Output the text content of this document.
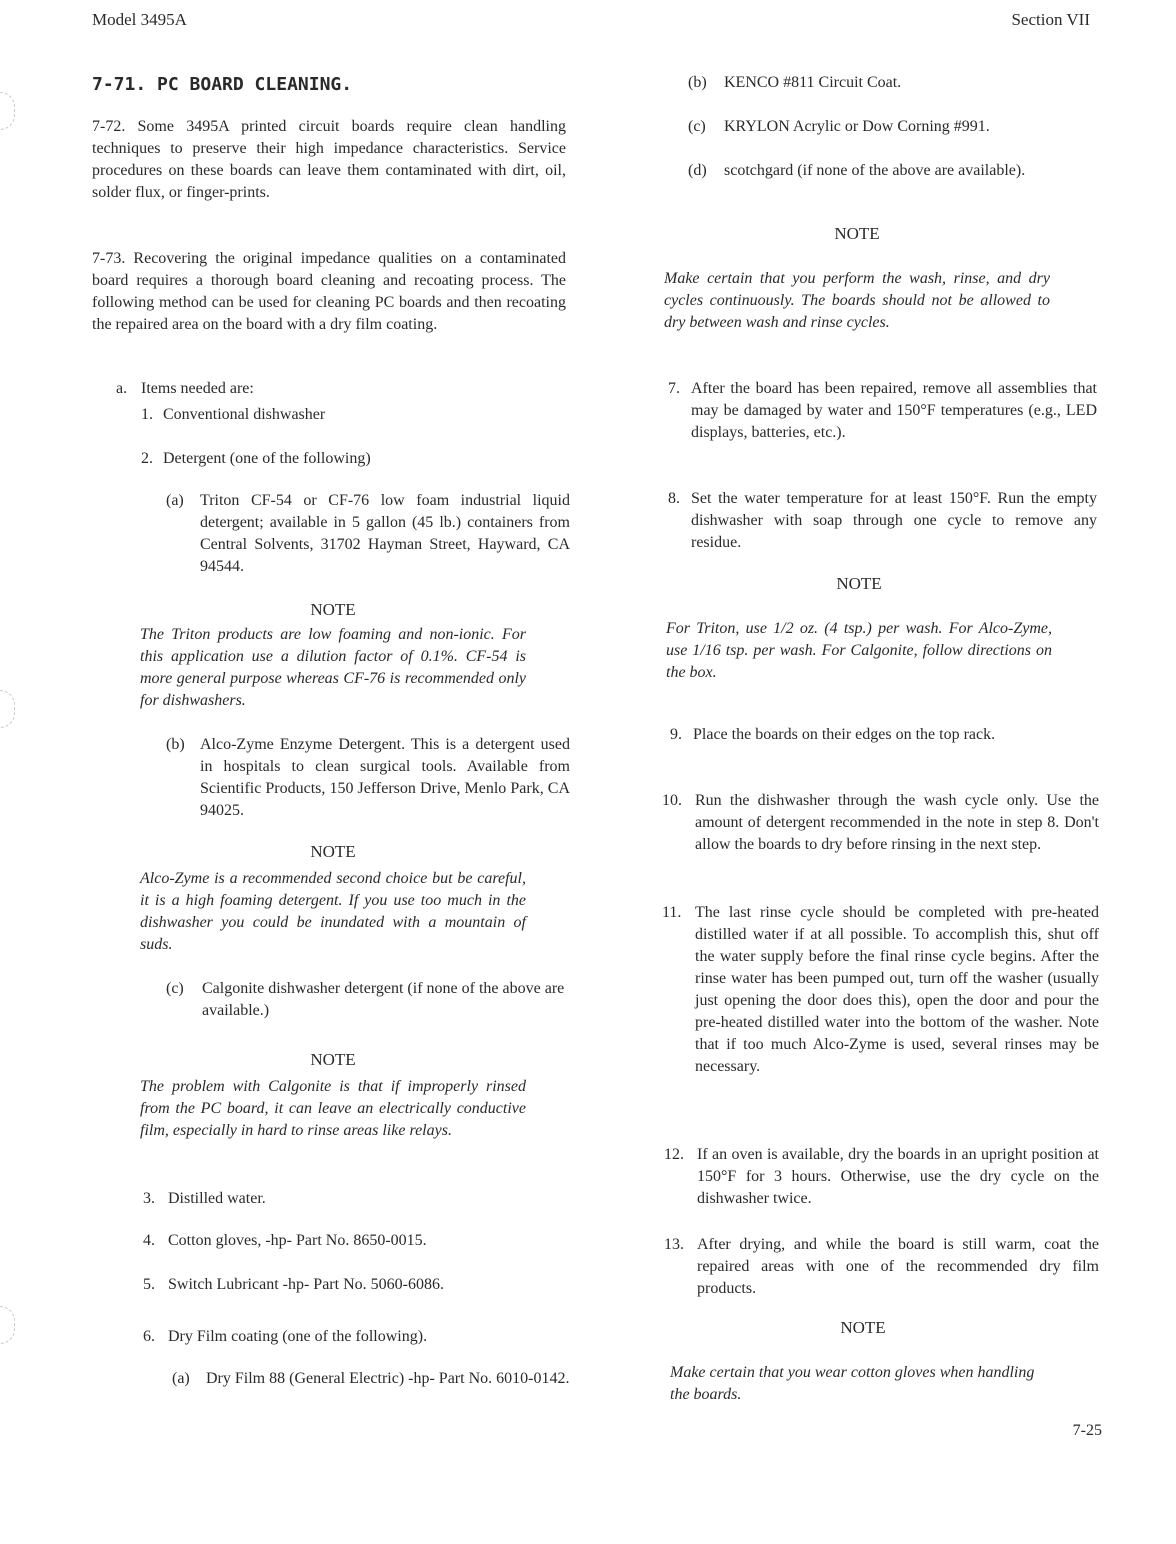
Model 3495A	Section VII
7-71. PC BOARD CLEANING.
7-72. Some 3495A printed circuit boards require clean handling techniques to preserve their high impedance characteristics. Service procedures on these boards can leave them contaminated with dirt, oil, solder flux, or finger-prints.
7-73. Recovering the original impedance qualities on a contaminated board requires a thorough board cleaning and recoating process. The following method can be used for cleaning PC boards and then recoating the repaired area on the board with a dry film coating.
a. Items needed are:
1. Conventional dishwasher
2. Detergent (one of the following)
(a) Triton CF-54 or CF-76 low foam industrial liquid detergent; available in 5 gallon (45 lb.) containers from Central Solvents, 31702 Hayman Street, Hayward, CA 94544.
NOTE
The Triton products are low foaming and non-ionic. For this application use a dilution factor of 0.1%. CF-54 is more general purpose whereas CF-76 is recommended only for dishwashers.
(b) Alco-Zyme Enzyme Detergent. This is a detergent used in hospitals to clean surgical tools. Available from Scientific Products, 150 Jefferson Drive, Menlo Park, CA 94025.
NOTE
Alco-Zyme is a recommended second choice but be careful, it is a high foaming detergent. If you use too much in the dishwasher you could be inundated with a mountain of suds.
(c) Calgonite dishwasher detergent (if none of the above are available.)
NOTE
The problem with Calgonite is that if improperly rinsed from the PC board, it can leave an electrically conductive film, especially in hard to rinse areas like relays.
3. Distilled water.
4. Cotton gloves, -hp- Part No. 8650-0015.
5. Switch Lubricant -hp- Part No. 5060-6086.
6. Dry Film coating (one of the following).
(a) Dry Film 88 (General Electric) -hp- Part No. 6010-0142.
(b) KENCO #811 Circuit Coat.
(c) KRYLON Acrylic or Dow Corning #991.
(d) scotchgard (if none of the above are available).
NOTE
Make certain that you perform the wash, rinse, and dry cycles continuously. The boards should not be allowed to dry between wash and rinse cycles.
7. After the board has been repaired, remove all assemblies that may be damaged by water and 150°F temperatures (e.g., LED displays, batteries, etc.).
8. Set the water temperature for at least 150°F. Run the empty dishwasher with soap through one cycle to remove any residue.
NOTE
For Triton, use 1/2 oz. (4 tsp.) per wash. For Alco-Zyme, use 1/16 tsp. per wash. For Calgonite, follow directions on the box.
9. Place the boards on their edges on the top rack.
10. Run the dishwasher through the wash cycle only. Use the amount of detergent recommended in the note in step 8. Don't allow the boards to dry before rinsing in the next step.
11. The last rinse cycle should be completed with pre-heated distilled water if at all possible. To accomplish this, shut off the water supply before the final rinse cycle begins. After the rinse water has been pumped out, turn off the washer (usually just opening the door does this), open the door and pour the pre-heated distilled water into the bottom of the washer. Note that if too much Alco-Zyme is used, several rinses may be necessary.
12. If an oven is available, dry the boards in an upright position at 150°F for 3 hours. Otherwise, use the dry cycle on the dishwasher twice.
13. After drying, and while the board is still warm, coat the repaired areas with one of the recommended dry film products.
NOTE
Make certain that you wear cotton gloves when handling the boards.
7-25
